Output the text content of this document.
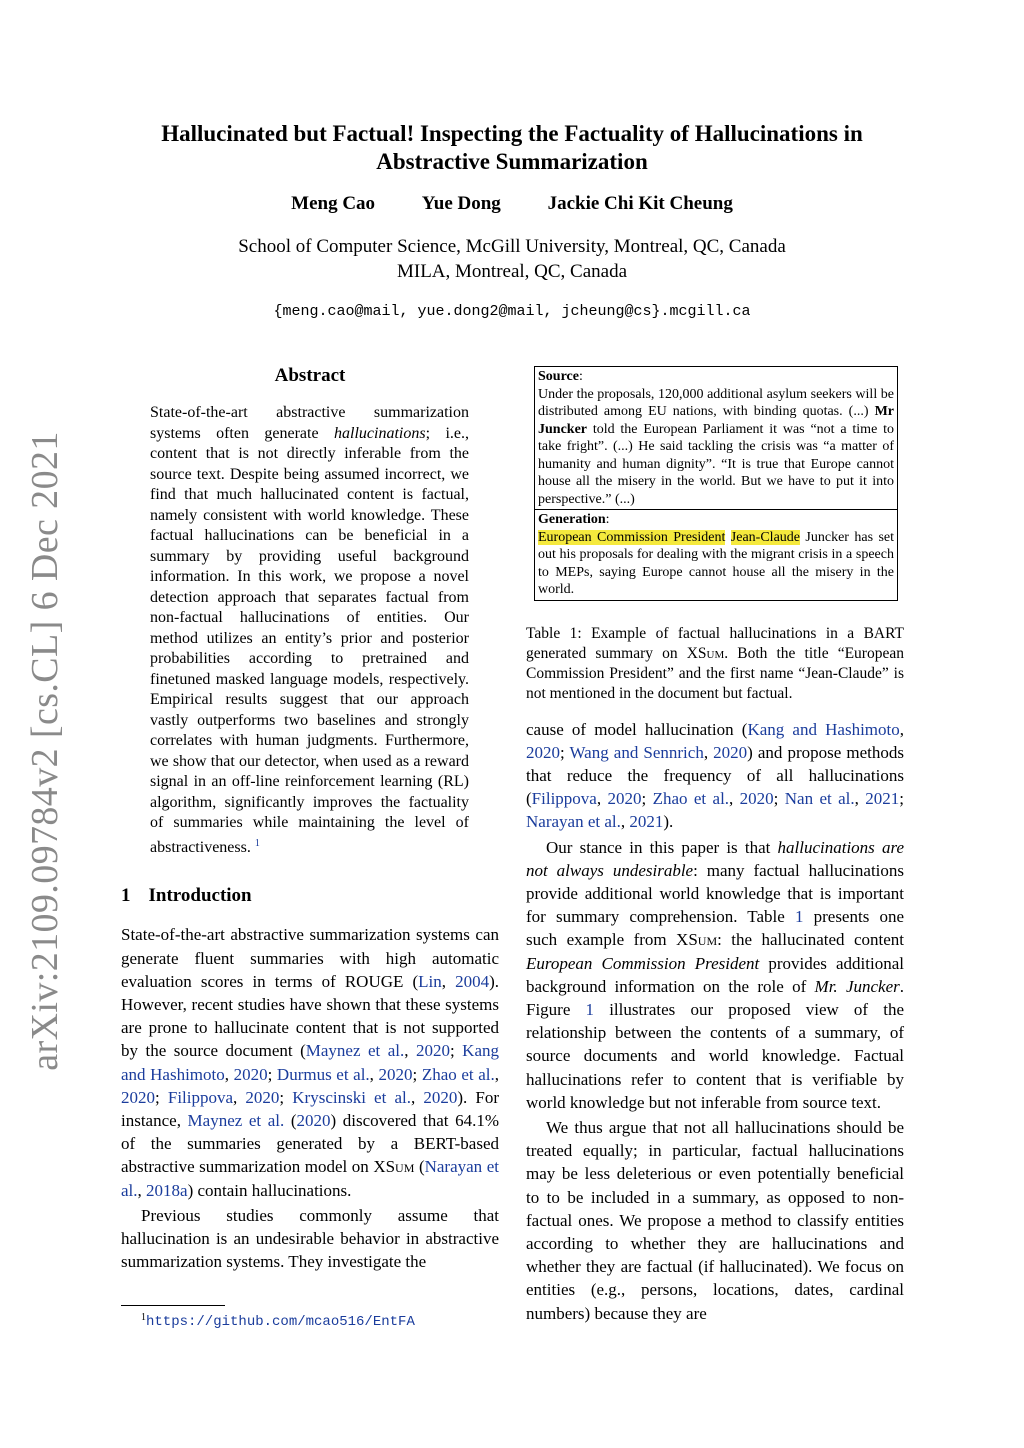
arXiv:2109.09784v2 [cs.CL] 6 Dec 2021
Hallucinated but Factual! Inspecting the Factuality of Hallucinations in
Abstractive Summarization
Meng Cao Yue Dong Jackie Chi Kit Cheung
School of Computer Science, McGill University, Montreal, QC, Canada
MILA, Montreal, QC, Canada
{meng.cao@mail, yue.dong2@mail, jcheung@cs}.mcgill.ca
Abstract

State-of-the-art abstractive summarization systems often generate hallucinations; i.e., content that is not directly inferable from the source text. Despite being assumed incorrect, we find that much hallucinated content is factual, namely consistent with world knowledge. These factual hallucinations can be beneficial in a summary by providing useful background information. In this work, we propose a novel detection approach that separates factual from non-factual hallucinations of entities. Our method utilizes an entity’s prior and posterior probabilities according to pretrained and finetuned masked language models, respectively. Empirical results suggest that our approach vastly outperforms two baselines and strongly correlates with human judgments. Furthermore, we show that our detector, when used as a reward signal in an off-line reinforcement learning (RL) algorithm, significantly improves the factuality of summaries while maintaining the level of abstractiveness. $^1$

1 Introduction

State-of-the-art abstractive summarization systems can generate fluent summaries with high automatic evaluation scores in terms of ROUGE (Lin, 2004). However, recent studies have shown that these systems are prone to hallucinate content that is not supported by the source document (Maynez et al., 2020; Kang and Hashimoto, 2020; Durmus et al., 2020; Zhao et al., 2020; Filippova, 2020; Kryscinski et al., 2020). For instance, Maynez et al. (2020) discovered that 64.1% of the summaries generated by a BERT-based abstractive summarization model on XSum (Narayan et al., 2018a) contain hallucinations.

Previous studies commonly assume that hallucination is an undesirable behavior in abstractive summarization systems. They investigate the

$^1$https://github.com/mcao516/EntFA
Source:
Under the proposals, 120,000 additional asylum seekers will be distributed among EU nations, with binding quotas. (...) Mr Juncker told the European Parliament it was “not a time to take fright”. (...) He said tackling the crisis was “a matter of humanity and human dignity”. “It is true that Europe cannot house all the misery in the world. But we have to put it into perspective.” (...)
Generation:
European Commission President Jean-Claude Juncker has set out his proposals for dealing with the migrant crisis in a speech to MEPs, saying Europe cannot house all the misery in the world.

Table 1: Example of factual hallucinations in a BART generated summary on XSum. Both the title “European Commission President” and the first name “Jean-Claude” is not mentioned in the document but factual.

cause of model hallucination (Kang and Hashimoto, 2020; Wang and Sennrich, 2020) and propose methods that reduce the frequency of all hallucinations (Filippova, 2020; Zhao et al., 2020; Nan et al., 2021; Narayan et al., 2021).

Our stance in this paper is that hallucinations are not always undesirable: many factual hallucinations provide additional world knowledge that is important for summary comprehension. Table 1 presents one such example from XSum: the hallucinated content European Commission President provides additional background information on the role of Mr. Juncker. Figure 1 illustrates our proposed view of the relationship between the contents of a summary, of source documents and world knowledge. Factual hallucinations refer to content that is verifiable by world knowledge but not inferable from source text.

We thus argue that not all hallucinations should be treated equally; in particular, factual hallucinations may be less deleterious or even potentially beneficial to to be included in a summary, as opposed to non-factual ones. We propose a method to classify entities according to whether they are hallucinations and whether they are factual (if hallucinated). We focus on entities (e.g., persons, locations, dates, cardinal numbers) because they are
